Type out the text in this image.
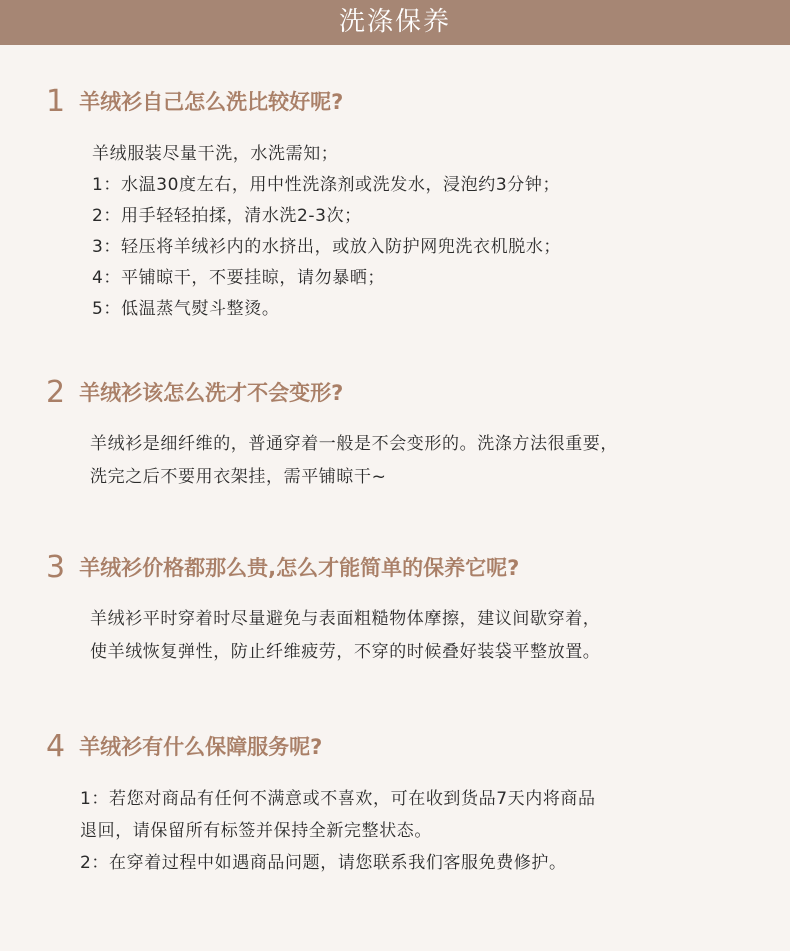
洗涤保养
1 羊绒衫自己怎么洗比较好呢?
羊绒服装尽量干洗，水洗需知；
1：水温30度左右，用中性洗涤剂或洗发水，浸泡约3分钟；
2：用手轻轻拍揉，清水洗2-3次；
3：轻压将羊绒衫内的水挤出，或放入防护网兜洗衣机脱水；
4：平铺晾干，不要挂晾，请勿暴晒；
5：低温蒸气熨斗整烫。
2 羊绒衫该怎么洗才不会变形?
羊绒衫是细纤维的，普通穿着一般是不会变形的。洗涤方法很重要，
洗完之后不要用衣架挂，需平铺晾干~
3 羊绒衫价格都那么贵,怎么才能简单的保养它呢?
羊绒衫平时穿着时尽量避免与表面粗糙物体摩擦，建议间歇穿着，
使羊绒恢复弹性，防止纤维疲劳，不穿的时候叠好装袋平整放置。
4 羊绒衫有什么保障服务呢?
1：若您对商品有任何不满意或不喜欢，可在收到货品7天内将商品
退回，请保留所有标签并保持全新完整状态。
2：在穿着过程中如遇商品问题，请您联系我们客服免费修护。
